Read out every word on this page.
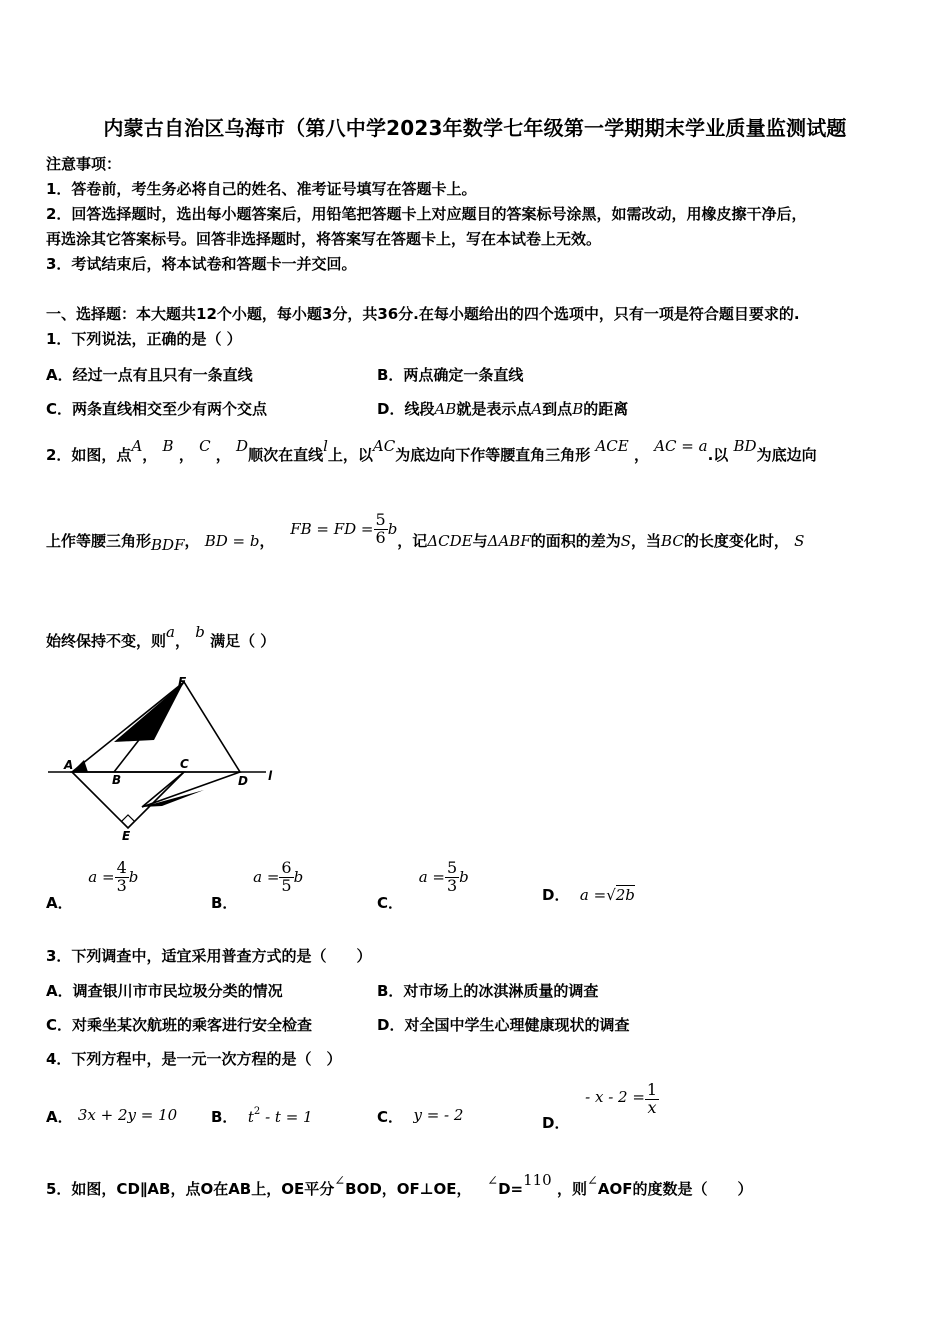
内蒙古自治区乌海市（第八中学2023年数学七年级第一学期期末学业质量监测试题
注意事项：
1．答卷前，考生务必将自己的姓名、准考证号填写在答题卡上。
2．回答选择题时，选出每小题答案后，用铅笔把答题卡上对应题目的答案标号涂黑，如需改动，用橡皮擦干净后，
再选涂其它答案标号。回答非选择题时，将答案写在答题卡上，写在本试卷上无效。
3．考试结束后，将本试卷和答题卡一并交回。
一、选择题：本大题共12个小题，每小题3分，共36分.在每小题给出的四个选项中，只有一项是符合题目要求的.
1．下列说法，正确的是（ ）
A．经过一点有且只有一条直线	B．两点确定一条直线
C．两条直线相交至少有两个交点	D．线段AB就是表示点A到点B的距离
2．如图，点A， B ， C ， D顺次在直线l上，以AC为底边向下作等腰直角三角形 ACE ， AC = a.以 BD为底边向
上作等腰三角形BDF， BD = b，   FB = FD = $\frac{5}{6}$ b，记ΔCDE与ΔABF的面积的差为S，当BC的长度变化时， S
始终保持不变，则a， b 满足（ ）
A
B
C
D
E
F
l
A．   $a = \frac{4}{3}$ b
B．   $a = \frac{6}{5}$ b
C．   $a = \frac{5}{3}$ b
D． a =√2b
3．下列调查中，适宜采用普查方式的是（　　）
A．调查银川市市民垃圾分类的情况	B．对市场上的冰淇淋质量的调查
C．对乘坐某次航班的乘客进行安全检查	D．对全国中学生心理健康现状的调查
4．下列方程中，是一元一次方程的是（　）
A． 3x + 2y = 10 B． $t^2 - t = 1$	C． y = - 2	D．   - $x - 2 = \frac{1}{x}$
5．如图，CD∥AB，点O在AB上，OE平分∠BOD，OF⊥OE， ∠D=110 ，则∠AOF的度数是（　　）
